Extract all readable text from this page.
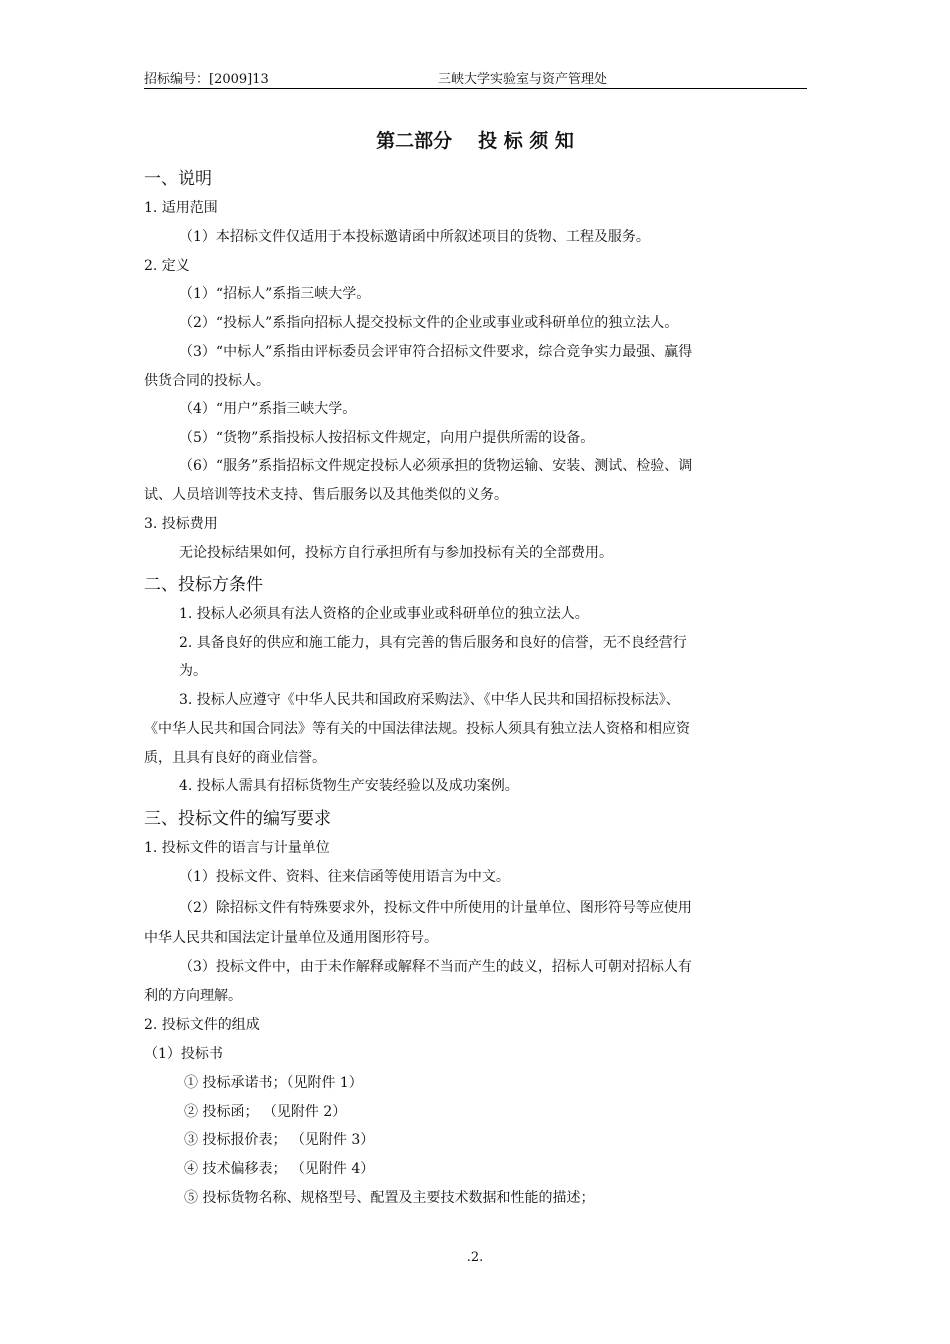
招标编号：[2009]13	三峡大学实验室与资产管理处
第二部分 投 标 须 知
一、说明
1. 适用范围
（1）本招标文件仅适用于本投标邀请函中所叙述项目的货物、工程及服务。
2. 定义
（1）“招标人”系指三峡大学。
（2）“投标人”系指向招标人提交投标文件的企业或事业或科研单位的独立法人。
（3）“中标人”系指由评标委员会评审符合招标文件要求，综合竞争实力最强、赢得
供货合同的投标人。
（4）“用户”系指三峡大学。
（5）“货物”系指投标人按招标文件规定，向用户提供所需的设备。
（6）“服务”系指招标文件规定投标人必须承担的货物运输、安装、测试、检验、调
试、人员培训等技术支持、售后服务以及其他类似的义务。
3. 投标费用
无论投标结果如何，投标方自行承担所有与参加投标有关的全部费用。
二、投标方条件
1. 投标人必须具有法人资格的企业或事业或科研单位的独立法人。
2. 具备良好的供应和施工能力，具有完善的售后服务和良好的信誉，无不良经营行
为。
3. 投标人应遵守《中华人民共和国政府采购法》、《中华人民共和国招标投标法》、
《中华人民共和国合同法》等有关的中国法律法规。投标人须具有独立法人资格和相应资
质，且具有良好的商业信誉。
4. 投标人需具有招标货物生产安装经验以及成功案例。
三、投标文件的编写要求
1. 投标文件的语言与计量单位
（1）投标文件、资料、往来信函等使用语言为中文。
（2）除招标文件有特殊要求外，投标文件中所使用的计量单位、图形符号等应使用
中华人民共和国法定计量单位及通用图形符号。
（3）投标文件中，由于未作解释或解释不当而产生的歧义，招标人可朝对招标人有
利的方向理解。
2. 投标文件的组成
（1）投标书
① 投标承诺书；（见附件 1）
② 投标函； （见附件 2）
③ 投标报价表； （见附件 3）
④ 技术偏移表； （见附件 4）
⑤ 投标货物名称、规格型号、配置及主要技术数据和性能的描述；
.2.
